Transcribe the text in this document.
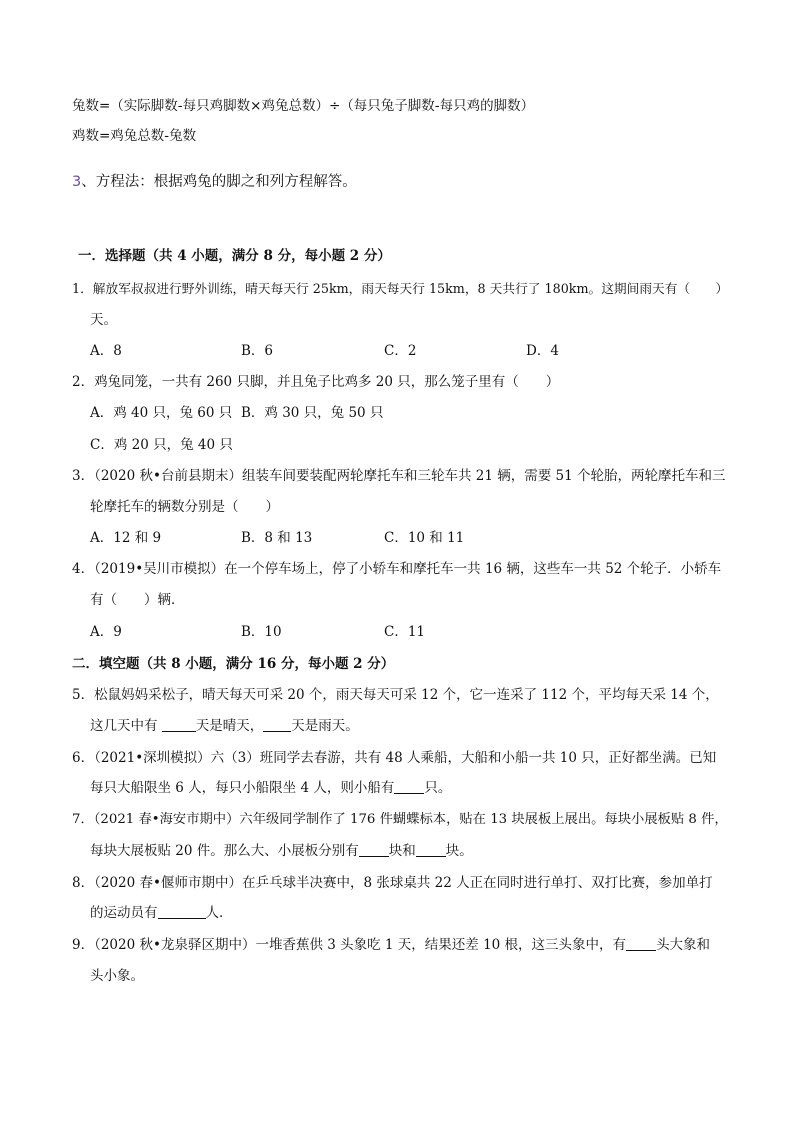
兔数=（实际脚数-每只鸡脚数×鸡兔总数）÷（每只兔子脚数-每只鸡的脚数）
鸡数=鸡兔总数-兔数
3、方程法：根据鸡兔的脚之和列方程解答。
一．选择题（共 4 小题，满分 8 分，每小题 2 分）
1．解放军叔叔进行野外训练，晴天每天行 25km，雨天每天行 15km，8 天共行了 180km。这期间雨天有（　　）
天。
A．8	B．6	C．2	D．4
2．鸡兔同笼，一共有 260 只脚，并且兔子比鸡多 20 只，那么笼子里有（　　）
A．鸡 40 只，兔 60 只 B．鸡 30 只，兔 50 只
C．鸡 20 只，兔 40 只
3．（2020 秋•台前县期末）组装车间要装配两轮摩托车和三轮车共 21 辆，需要 51 个轮胎，两轮摩托车和三
轮摩托车的辆数分别是（　　）
A．12 和 9	B．8 和 13	C．10 和 11
4．（2019•吴川市模拟）在一个停车场上，停了小轿车和摩托车一共 16 辆，这些车一共 52 个轮子．小轿车
有（　　）辆．
A．9	B．10	C．11
二．填空题（共 8 小题，满分 16 分，每小题 2 分）
5．松鼠妈妈采松子，晴天每天可采 20 个，雨天每天可采 12 个，它一连采了 112 个，平均每天采 14 个，
这几天中有	天是晴天， 天是雨天。
6．（2021•深圳模拟）六（3）班同学去春游，共有 48 人乘船，大船和小船一共 10 只，正好都坐满。已知
每只大船限坐 6 人，每只小船限坐 4 人，则小船有 只。
7．（2021 春•海安市期中）六年级同学制作了 176 件蝴蝶标本，贴在 13 块展板上展出。每块小展板贴 8 件，
每块大展板贴 20 件。那么大、小展板分别有 块和 块。
8．（2020 春•偃师市期中）在乒乓球半决赛中，8 张球桌共 22 人正在同时进行单打、双打比赛，参加单打
的运动员有	人．
9．（2020 秋•龙泉驿区期中）一堆香蕉供 3 头象吃 1 天，结果还差 10 根，这三头象中，有 头大象和
头小象。
